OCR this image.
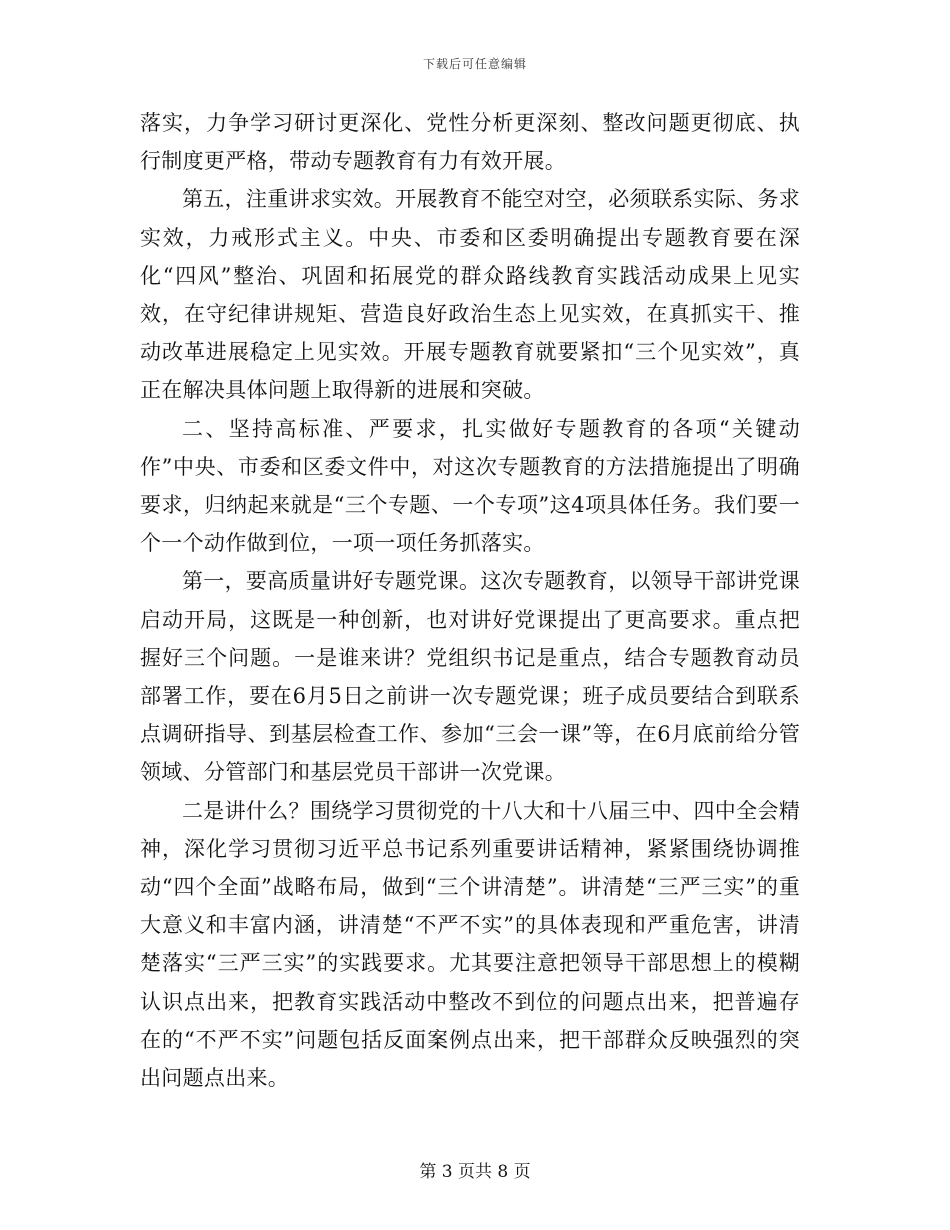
下载后可任意编辑

落实，力争学习研讨更深化、党性分析更深刻、整改问题更彻底、执行制度更严格，带动专题教育有力有效开展。

第五，注重讲求实效。开展教育不能空对空，必须联系实际、务求实效，力戒形式主义。中央、市委和区委明确提出专题教育要在深化“四风”整治、巩固和拓展党的群众路线教育实践活动成果上见实效，在守纪律讲规矩、营造良好政治生态上见实效，在真抓实干、推动改革进展稳定上见实效。开展专题教育就要紧扣“三个见实效”，真正在解决具体问题上取得新的进展和突破。

二、坚持高标准、严要求，扎实做好专题教育的各项“关键动作”中央、市委和区委文件中，对这次专题教育的方法措施提出了明确要求，归纳起来就是“三个专题、一个专项”这4项具体任务。我们要一个一个动作做到位，一项一项任务抓落实。

第一，要高质量讲好专题党课。这次专题教育，以领导干部讲党课启动开局，这既是一种创新，也对讲好党课提出了更高要求。重点把握好三个问题。一是谁来讲？党组织书记是重点，结合专题教育动员部署工作，要在6月5日之前讲一次专题党课；班子成员要结合到联系点调研指导、到基层检查工作、参加“三会一课”等，在6月底前给分管领域、分管部门和基层党员干部讲一次党课。

二是讲什么？围绕学习贯彻党的十八大和十八届三中、四中全会精神，深化学习贯彻习近平总书记系列重要讲话精神，紧紧围绕协调推动“四个全面”战略布局，做到“三个讲清楚”。讲清楚“三严三实”的重大意义和丰富内涵，讲清楚“不严不实”的具体表现和严重危害，讲清楚落实“三严三实”的实践要求。尤其要注意把领导干部思想上的模糊认识点出来，把教育实践活动中整改不到位的问题点出来，把普遍存在的“不严不实”问题包括反面案例点出来，把干部群众反映强烈的突出问题点出来。

第 3 页共 8 页
